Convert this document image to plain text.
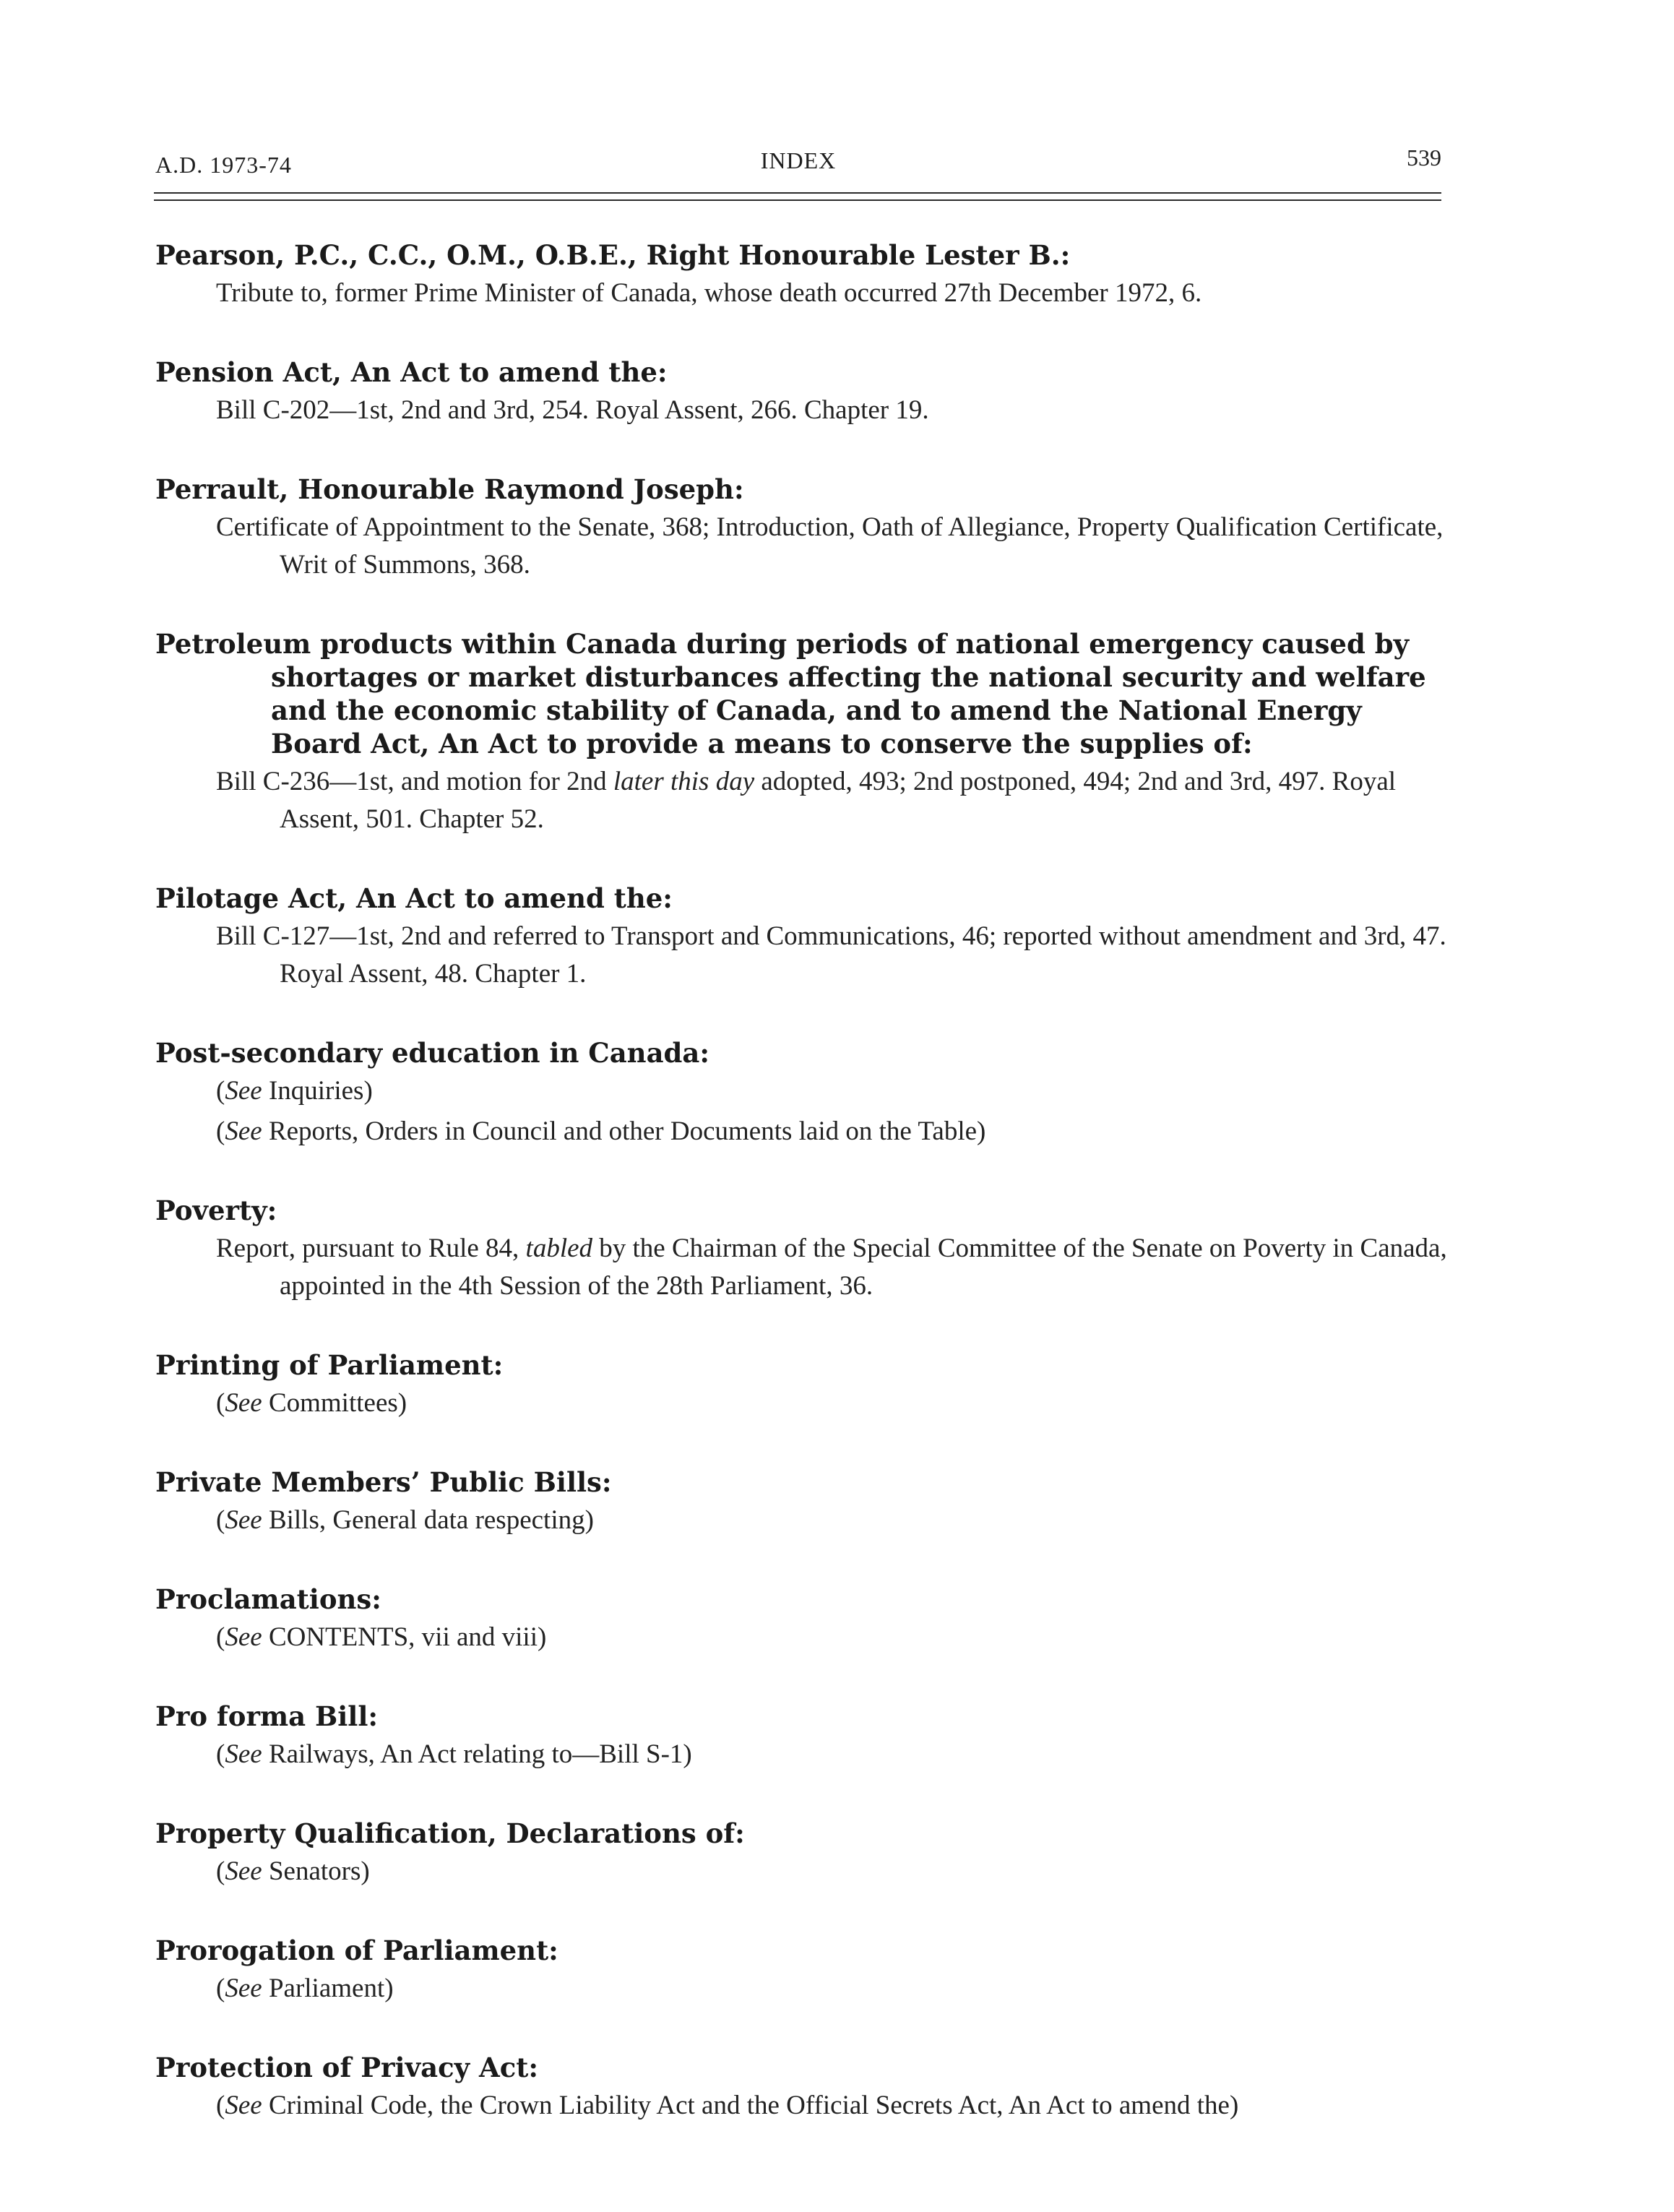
A.D. 1973-74	INDEX	539
Pearson, P.C., C.C., O.M., O.B.E., Right Honourable Lester B.:
Tribute to, former Prime Minister of Canada, whose death occurred 27th December 1972, 6.
Pension Act, An Act to amend the:
Bill C-202—1st, 2nd and 3rd, 254. Royal Assent, 266. Chapter 19.
Perrault, Honourable Raymond Joseph:
Certificate of Appointment to the Senate, 368; Introduction, Oath of Allegiance, Property Qualification Certificate, Writ of Summons, 368.
Petroleum products within Canada during periods of national emergency caused by shortages or market disturbances affecting the national security and welfare and the economic stability of Canada, and to amend the National Energy Board Act, An Act to provide a means to conserve the supplies of:
Bill C-236—1st, and motion for 2nd later this day adopted, 493; 2nd postponed, 494; 2nd and 3rd, 497. Royal Assent, 501. Chapter 52.
Pilotage Act, An Act to amend the:
Bill C-127—1st, 2nd and referred to Transport and Communications, 46; reported without amendment and 3rd, 47. Royal Assent, 48. Chapter 1.
Post-secondary education in Canada:
(See Inquiries)
(See Reports, Orders in Council and other Documents laid on the Table)
Poverty:
Report, pursuant to Rule 84, tabled by the Chairman of the Special Committee of the Senate on Poverty in Canada, appointed in the 4th Session of the 28th Parliament, 36.
Printing of Parliament:
(See Committees)
Private Members’ Public Bills:
(See Bills, General data respecting)
Proclamations:
(See CONTENTS, vii and viii)
Pro forma Bill:
(See Railways, An Act relating to—Bill S-1)
Property Qualification, Declarations of:
(See Senators)
Prorogation of Parliament:
(See Parliament)
Protection of Privacy Act:
(See Criminal Code, the Crown Liability Act and the Official Secrets Act, An Act to amend the)
